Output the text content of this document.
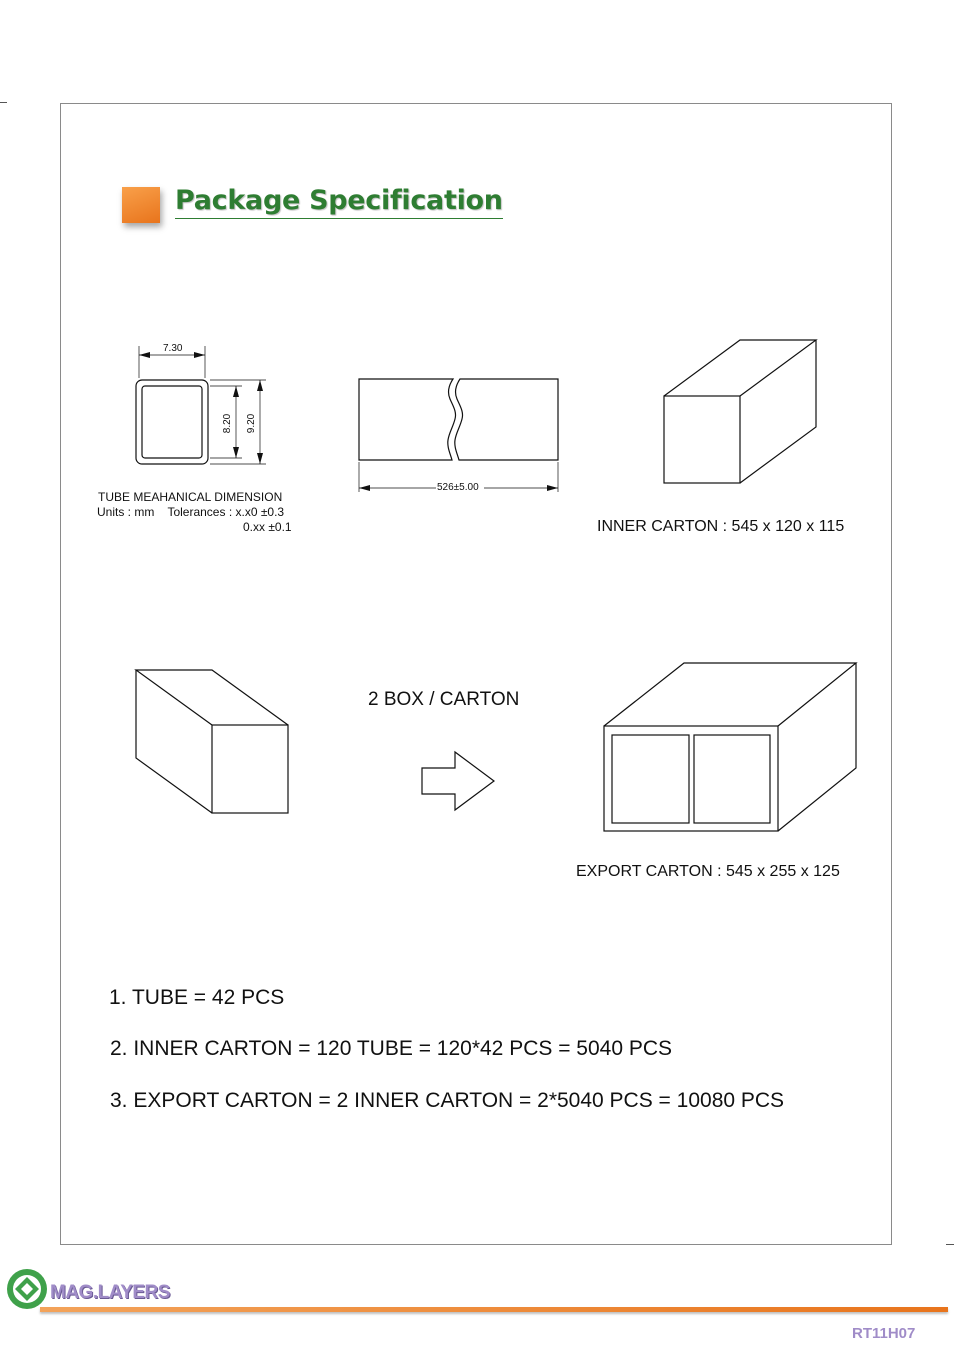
Package Specification
7.30
8.20 9.20
526±5.00
TUBE MEAHANICAL DIMENSION
Units : mm    Tolerances : x.x0 ±0.3
0.xx ±0.1	INNER CARTON : 545 x 120 x 115
2 BOX / CARTON
EXPORT CARTON : 545 x 255 x 125
1. TUBE = 42 PCS
2. INNER CARTON = 120 TUBE = 120*42 PCS = 5040 PCS
3. EXPORT CARTON = 2 INNER CARTON = 2*5040 PCS = 10080 PCS
MAG.LAYERS
RT11H07
